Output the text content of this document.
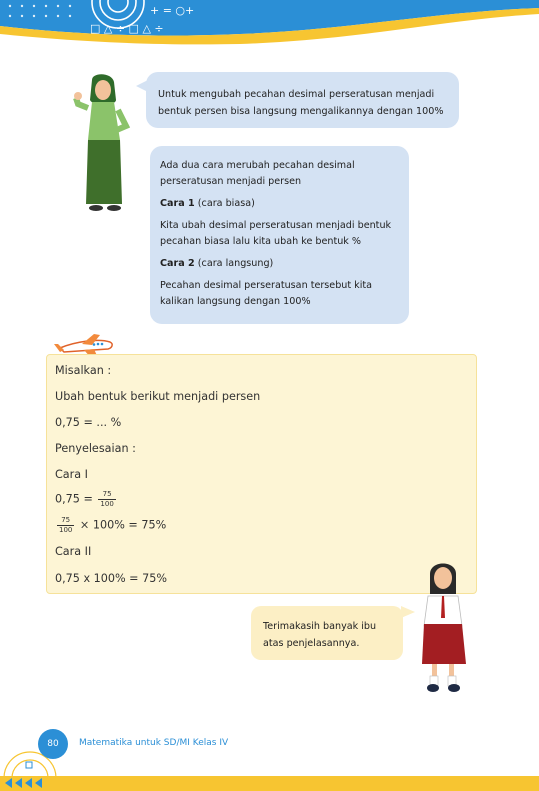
+ = ○+
□ △ ÷ □ △ ÷
Untuk mengubah pecahan desimal perseratusan menjadi bentuk persen bisa langsung mengalikannya dengan 100%

Ada dua cara merubah pecahan desimal perseratusan menjadi persen

Cara 1 (cara biasa)

Kita ubah desimal perseratusan menjadi bentuk pecahan biasa lalu kita ubah ke bentuk %

Cara 2 (cara langsung)

Pecahan desimal perseratusan tersebut kita kalikan langsung dengan 100%

Misalkan :
Ubah bentuk berikut menjadi persen
0,75 = ... %
Penyelesaian :
Cara I
$0,75 = \frac{75}{100}$
$\frac{75}{100} \times 100\% = 75\%$
Cara II
0,75 x 100% = 75%
Terimakasih banyak ibu atas penjelasannya.
80	Matematika untuk SD/MI Kelas IV
